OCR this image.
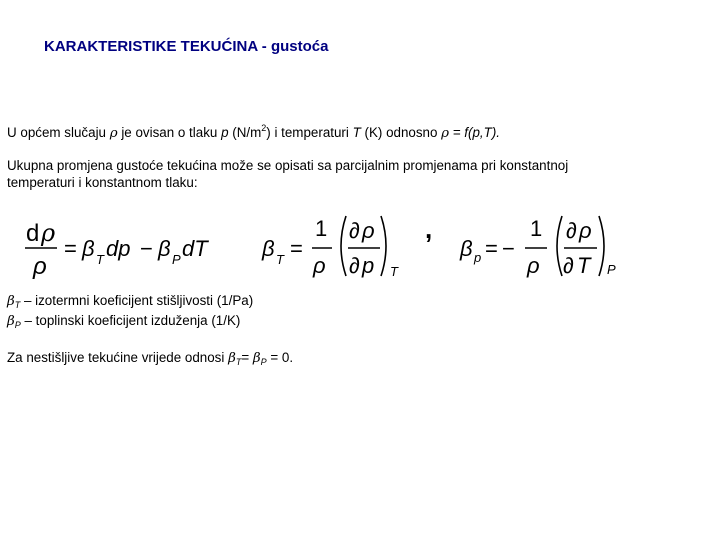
KARAKTERISTIKE TEKUĆINA - gustoća
U općem slučaju ρ je ovisan o tlaku p $(N/m^2)$ i temperaturi T (K) odnosno ρ = f(p,T).
Ukupna promjena gustoće tekućina može se opisati sa parcijalnim promjenama pri konstantnoj
temperaturi i konstantnom tlaku:
d ρ
ρ
= β T dp − β P dT β T =
1
ρ
∂ ρ
∂ p T
,
β p = −
1
ρ
∂ ρ
∂ T P
$\beta_T$ – izotermni koeficijent stišljivosti (1/Pa)
$\beta_P$ – toplinski koeficijent izduženja (1/K)
Za nestišljive tekućine vrijede odnosi $\beta_T= \beta_P = 0$.
